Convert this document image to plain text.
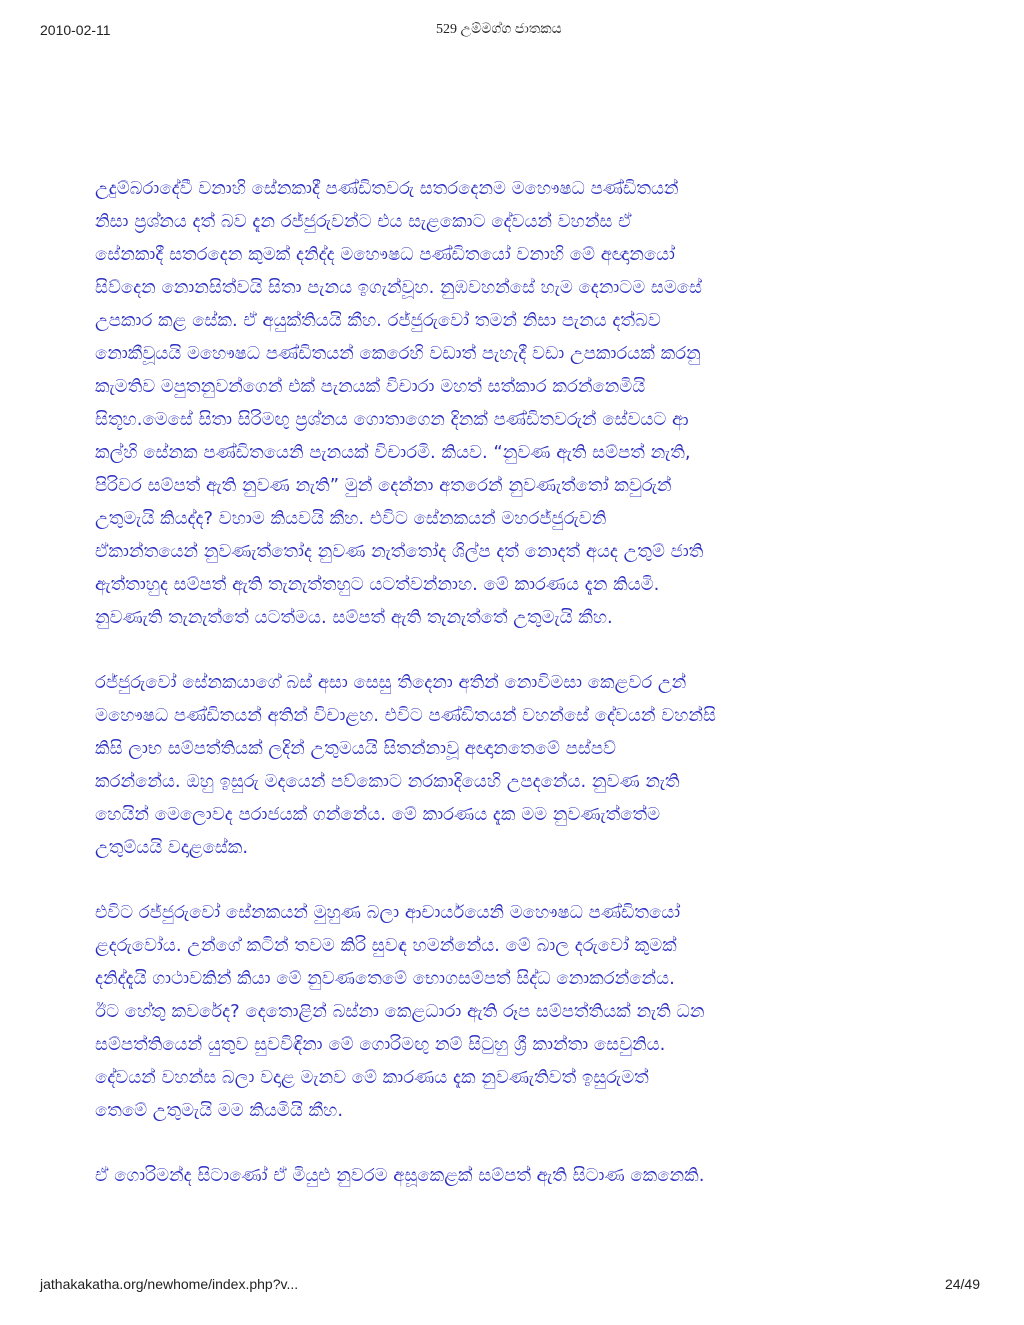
2010-02-11	529 උම්මග්ග ජාතකය
උදුම්බරාදේවී වනාහි සේනකාදී පණ්ඩිතවරු සතරදෙනම මහෞෂධ පණ්ඩිතයන්
නිසා ප්‍රශ්නය දත් බව දැන රජ්ජුරුවන්ට එය සැළකොට දේවයන් වහන්ස ඒ
සේනකාදී සතරදෙන කුමක් දනිද්ද මහෞෂධ පණ්ඩිතයෝ වනාහි මේ අඥානයෝ
සිව්දෙන නොනසිත්වයි සිතා පැනය ඉගැන්වූහ. නුඹවහන්සේ හැම දෙනාටම සමසේ
උපකාර කළ සේක. ඒ අයුක්තියයි කීහ. රජ්ජුරුවෝ තමන් නිසා පැනය දත්බව
නොකීවූයයි මහෞෂධ පණ්ඩිතයන් කෙරෙහි වඩාත් පැහැදී වඩා උපකාරයක් කරනු
කැමතිව මපුතනුවන්ගෙන් එක් පැනයක් විචාරා මහත් සත්කාර කරන්නෙමියි
සිතූහ.මෙසේ සිතා සිරිමඟු ප්‍රශ්නය ගොතාගෙන දිනක් පණ්ඩිතවරුන් සේවයට ආ
කල්හි සේනක පණ්ඩිතයෙනි පැනයක් විචාරමි. කියව. “නුවණ ඇති සම්පත් නැති,
පිරිවර සම්පත් ඇති නුවණ නැති” මුන් දෙන්නා අතරෙන් නුවණැත්තෝ කවුරුන්
උතුමැයි කියද්ද? වහාම කියවයි කීහ. එවිට සේනකයන් මහරජ්ජුරුවනි
ඒකාන්තයෙන් නුවණැත්තෝද නුවණ නැත්තෝද ශිල්ප දත් නොදත් අයද උතුම් ජාති
ඇත්තාහුද සම්පත් ඇති තැනැත්තහුට යටත්වන්නාහ. මේ කාරණය දැන කියමි.
නුවණැති තැනැත්තේ යටත්මය. සම්පත් ඇති තැනැත්තේ උතුමැයි කීහ.
රජ්ජුරුවෝ සේනකයාගේ බස් අසා සෙසු තිදෙනා අතින් නොවිමසා කෙළවර උන්
මහෞෂධ පණ්ඩිතයන් අතින් විචාළහ. එවිට පණ්ඩිතයන් වහන්සේ දේවයන් වහන්සි
කිසි ලාභ සම්පත්තියක් ලදින් උතුමයයි සිතන්නාවූ අඥානතෙමේ පස්පව්
කරන්නේය. ඔහු ඉසුරු මදයෙන් පව්කොට නරකාදියෙහි උපදනේය. නුවණ නැති
හෙයින් මෙලොවද පරාජයක් ගන්නේය. මේ කාරණය දැක මම නුවණැත්තේම
උතුම්යයි වදාළසේක.
එවිට රජ්ජුරුවෝ සේනකයන් මුහුණ බලා ආචාර්යයෙනි මහෞෂධ පණ්ඩිතයෝ
ළදරුවෝය. උන්ගේ කටින් තවම කිරි සුවඳ හමන්නේය. මේ බාල දරුවෝ කුමක්
දනිද්දැයි ගාථාවකින් කියා මේ නුවණතෙමේ භොගසම්පත් සිද්ධ නොකරන්නේය.
ඊට හේතු කවරේද? දෙතොළින් බස්නා කෙළධාරා ඇති රූප සම්පත්තියක් නැති ධන
සම්පත්තියෙන් යුතුව සුවවිඳිනා මේ ගොරිමඟු නම් සිටුහු ශ්‍රී කාන්තා සෙවුනිය.
දේවයන් වහන්ස බලා වදාළ මැනව මේ කාරණය දැක නුවණැතිවත් ඉසුරුමත්
තෙමේ උතුමැයි මම කියමියි කීහ.
ඒ ගොරිමන්ද සිටාණෝ ඒ මියුළු නුවරම අසූකෙළක් සම්පත් ඇති සිටාණ කෙනෙකි.
jathakakatha.org/newhome/index.php?v...	24/49
